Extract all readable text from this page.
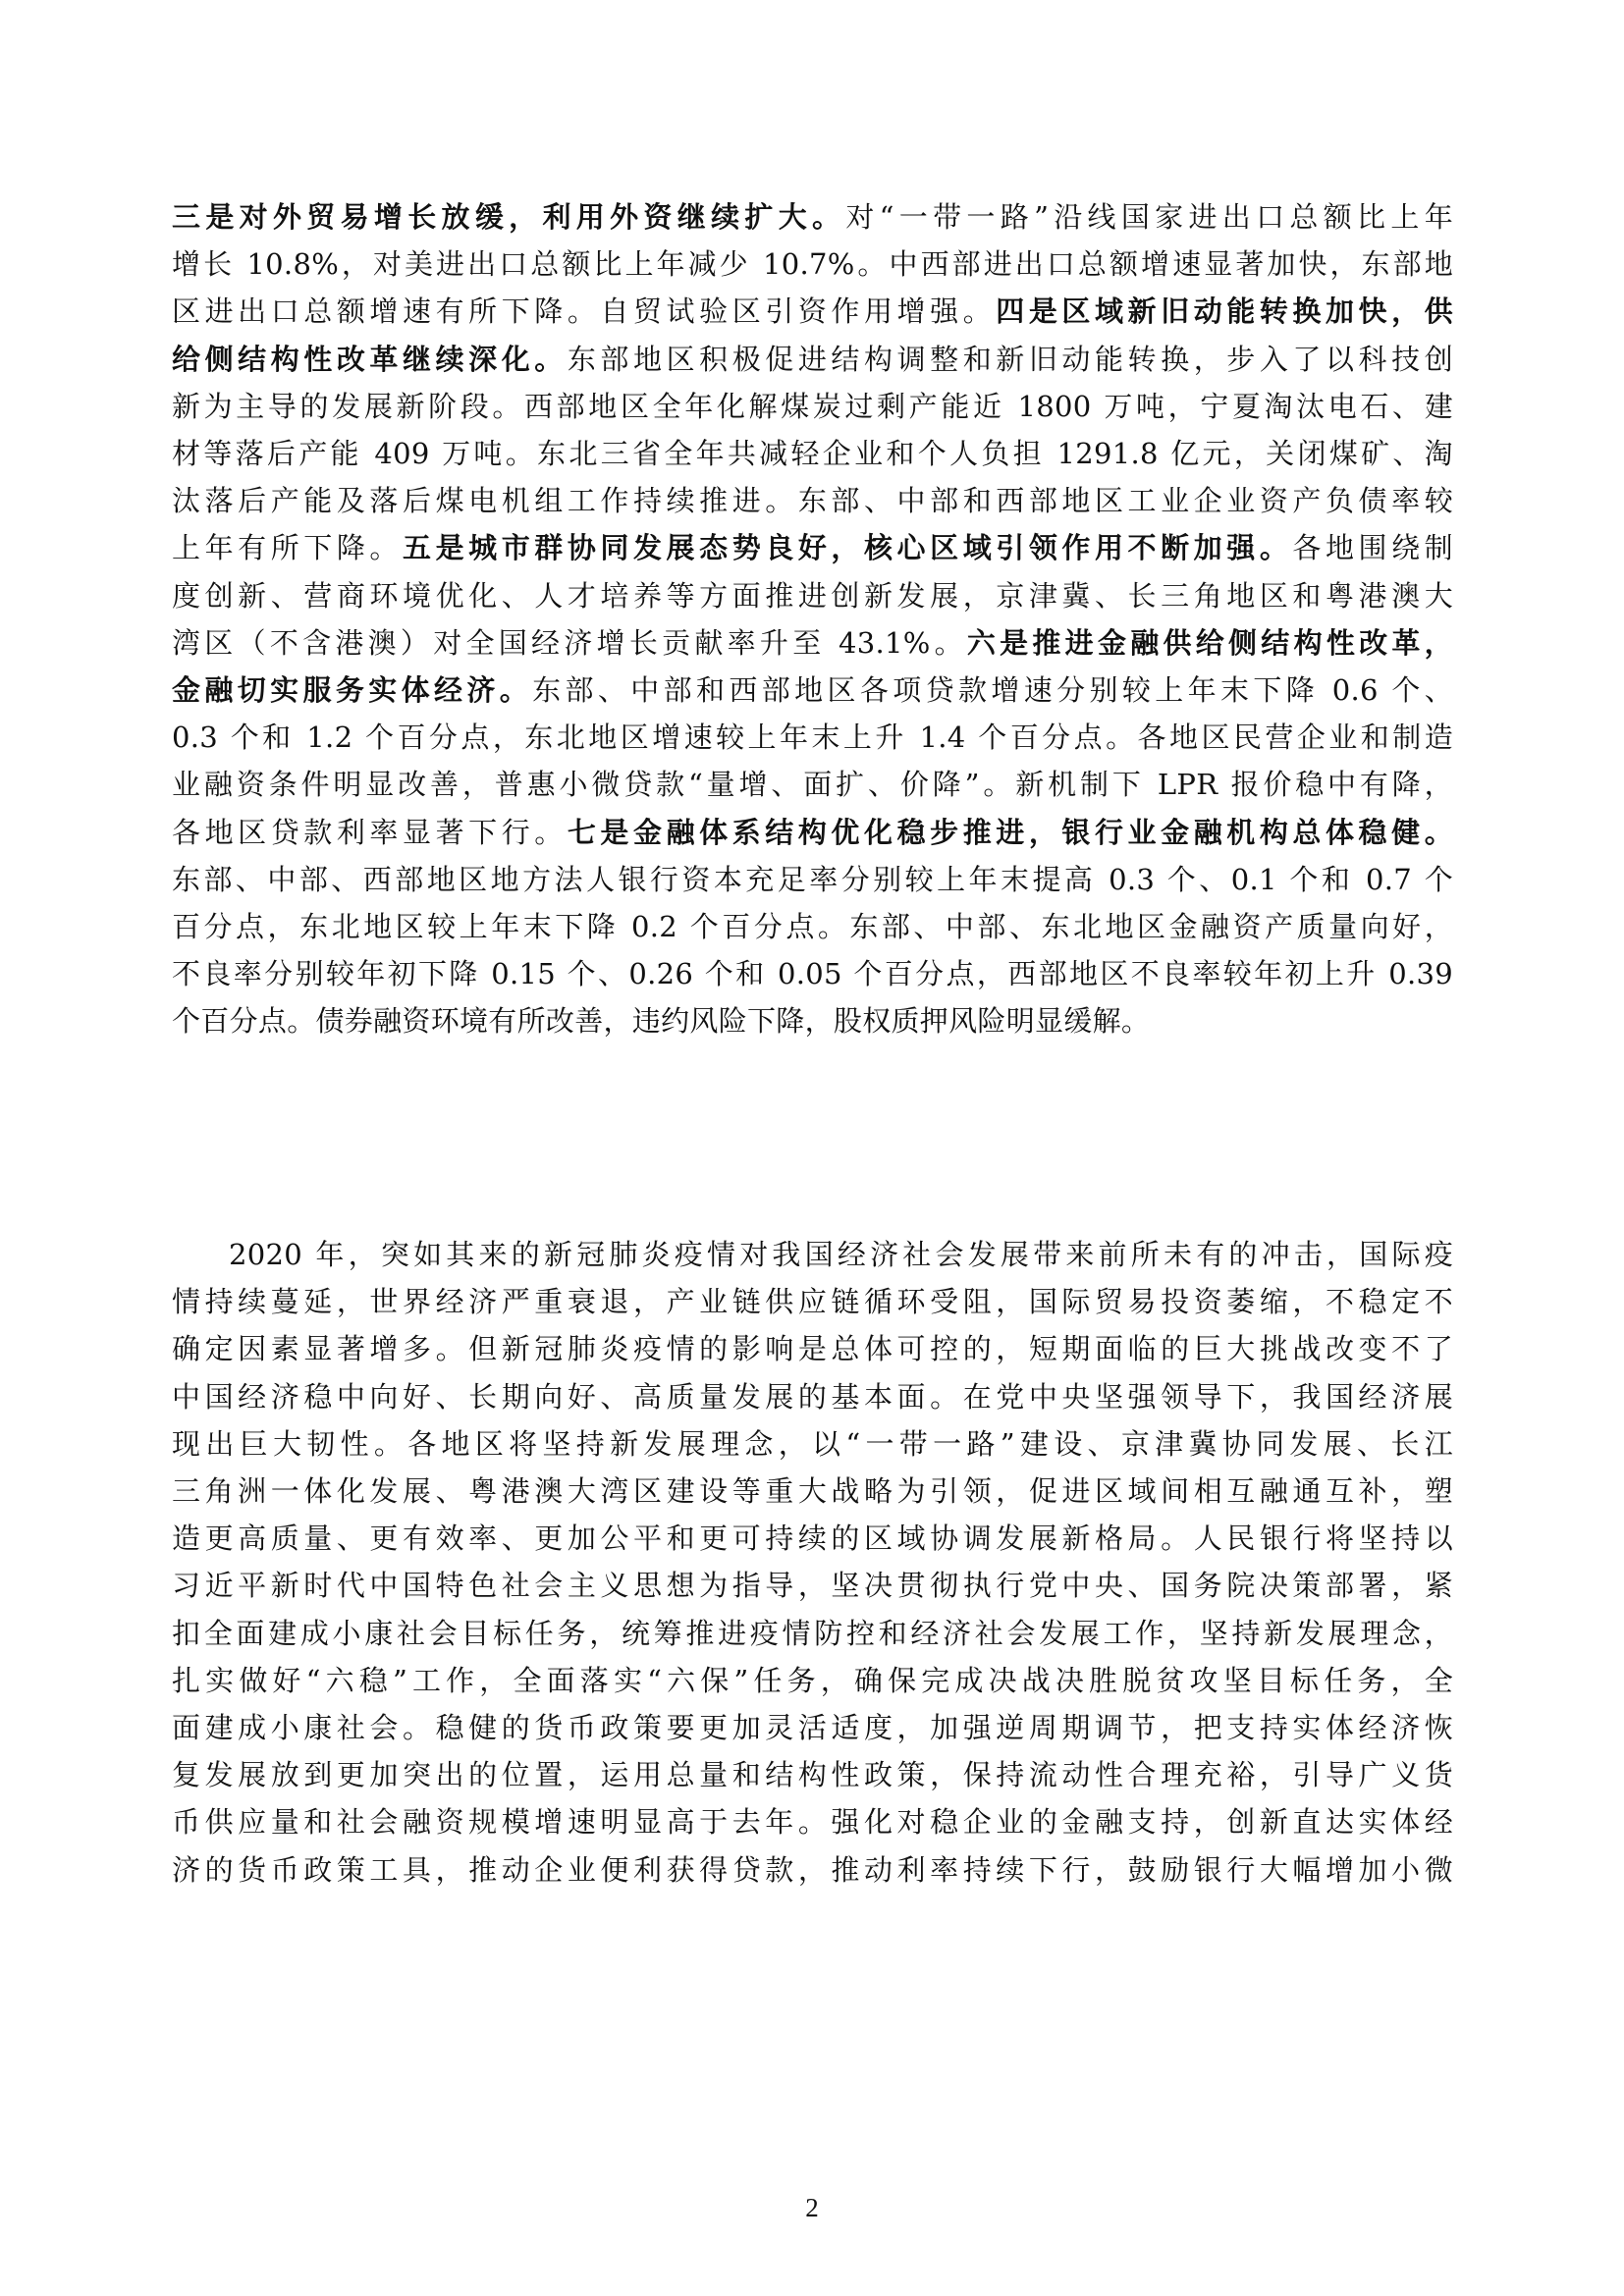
三是对外贸易增长放缓，利用外资继续扩大。对“一带一路”沿线国家进出口总额比上年
增长 10.8%，对美进出口总额比上年减少 10.7%。中西部进出口总额增速显著加快，东部地
区进出口总额增速有所下降。自贸试验区引资作用增强。四是区域新旧动能转换加快，供
给侧结构性改革继续深化。东部地区积极促进结构调整和新旧动能转换，步入了以科技创
新为主导的发展新阶段。西部地区全年化解煤炭过剩产能近 1800 万吨，宁夏淘汰电石、建
材等落后产能 409 万吨。东北三省全年共减轻企业和个人负担 1291.8 亿元，关闭煤矿、淘
汰落后产能及落后煤电机组工作持续推进。东部、中部和西部地区工业企业资产负债率较
上年有所下降。五是城市群协同发展态势良好，核心区域引领作用不断加强。各地围绕制
度创新、营商环境优化、人才培养等方面推进创新发展，京津冀、长三角地区和粤港澳大
湾区（不含港澳）对全国经济增长贡献率升至 43.1%。六是推进金融供给侧结构性改革，
金融切实服务实体经济。东部、中部和西部地区各项贷款增速分别较上年末下降 0.6 个、
0.3 个和 1.2 个百分点，东北地区增速较上年末上升 1.4 个百分点。各地区民营企业和制造
业融资条件明显改善，普惠小微贷款“量增、面扩、价降”。新机制下 LPR 报价稳中有降，
各地区贷款利率显著下行。七是金融体系结构优化稳步推进，银行业金融机构总体稳健。
东部、中部、西部地区地方法人银行资本充足率分别较上年末提高 0.3 个、0.1 个和 0.7 个
百分点，东北地区较上年末下降 0.2 个百分点。东部、中部、东北地区金融资产质量向好，
不良率分别较年初下降 0.15 个、0.26 个和 0.05 个百分点，西部地区不良率较年初上升 0.39
个百分点。债券融资环境有所改善，违约风险下降，股权质押风险明显缓解。
2020 年，突如其来的新冠肺炎疫情对我国经济社会发展带来前所未有的冲击，国际疫
情持续蔓延，世界经济严重衰退，产业链供应链循环受阻，国际贸易投资萎缩，不稳定不
确定因素显著增多。但新冠肺炎疫情的影响是总体可控的，短期面临的巨大挑战改变不了
中国经济稳中向好、长期向好、高质量发展的基本面。在党中央坚强领导下，我国经济展
现出巨大韧性。各地区将坚持新发展理念，以“一带一路”建设、京津冀协同发展、长江
三角洲一体化发展、粤港澳大湾区建设等重大战略为引领，促进区域间相互融通互补，塑
造更高质量、更有效率、更加公平和更可持续的区域协调发展新格局。人民银行将坚持以
习近平新时代中国特色社会主义思想为指导，坚决贯彻执行党中央、国务院决策部署，紧
扣全面建成小康社会目标任务，统筹推进疫情防控和经济社会发展工作，坚持新发展理念，
扎实做好“六稳”工作，全面落实“六保”任务，确保完成决战决胜脱贫攻坚目标任务，全
面建成小康社会。稳健的货币政策要更加灵活适度，加强逆周期调节，把支持实体经济恢
复发展放到更加突出的位置，运用总量和结构性政策，保持流动性合理充裕，引导广义货
币供应量和社会融资规模增速明显高于去年。强化对稳企业的金融支持，创新直达实体经
济的货币政策工具，推动企业便利获得贷款，推动利率持续下行，鼓励银行大幅增加小微
2
